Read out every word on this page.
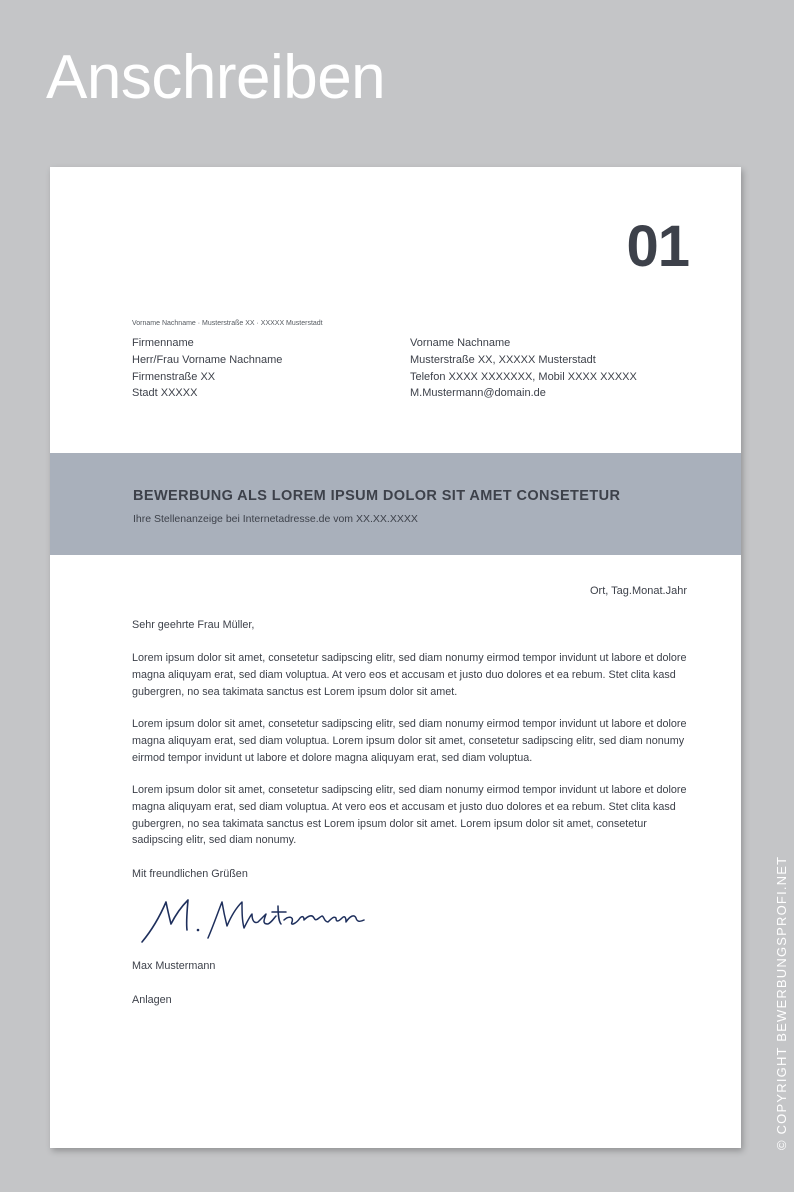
Anschreiben
01
Vorname Nachname · Musterstraße XX · XXXXX Musterstadt
Firmenname
Herr/Frau Vorname Nachname
Firmenstraße XX
Stadt XXXXX
Vorname Nachname
Musterstraße XX, XXXXX Musterstadt
Telefon XXXX XXXXXXX, Mobil XXXX XXXXX
M.Mustermann@domain.de
BEWERBUNG ALS LOREM IPSUM DOLOR SIT AMET CONSETETUR
Ihre Stellenanzeige bei Internetadresse.de vom XX.XX.XXXX
Ort, Tag.Monat.Jahr
Sehr geehrte Frau Müller,
Lorem ipsum dolor sit amet, consetetur sadipscing elitr, sed diam nonumy eirmod tempor invidunt ut labore et dolore magna aliquyam erat, sed diam voluptua. At vero eos et accusam et justo duo dolores et ea rebum. Stet clita kasd gubergren, no sea takimata sanctus est Lorem ipsum dolor sit amet.
Lorem ipsum dolor sit amet, consetetur sadipscing elitr, sed diam nonumy eirmod tempor invidunt ut labore et dolore magna aliquyam erat, sed diam voluptua. Lorem ipsum dolor sit amet, consetetur sadipscing elitr, sed diam nonumy eirmod tempor invidunt ut labore et dolore magna aliquyam erat, sed diam voluptua.
Lorem ipsum dolor sit amet, consetetur sadipscing elitr, sed diam nonumy eirmod tempor invidunt ut labore et dolore magna aliquyam erat, sed diam voluptua. At vero eos et accusam et justo duo dolores et ea rebum. Stet clita kasd gubergren, no sea takimata sanctus est Lorem ipsum dolor sit amet. Lorem ipsum dolor sit amet, consetetur sadipscing elitr, sed diam nonumy.
Mit freundlichen Grüßen
Max Mustermann
Anlagen	© COPYRIGHT BEWERBUNGSPROFI.NET
